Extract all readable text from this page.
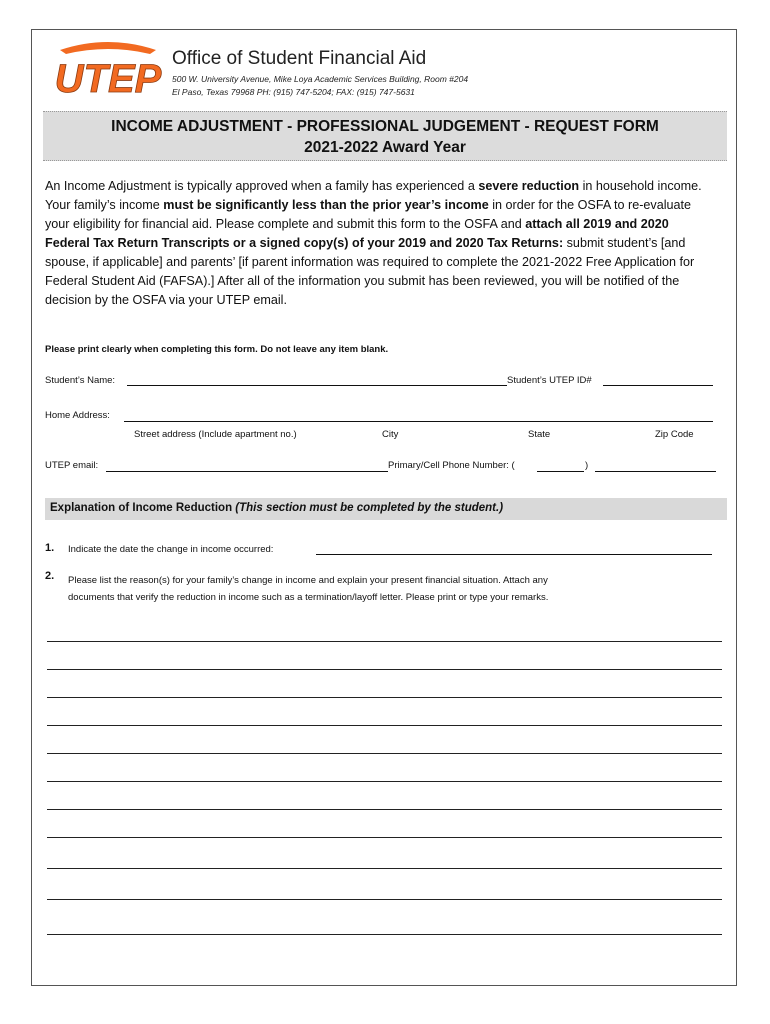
UTEP Office of Student Financial Aid
500 W. University Avenue, Mike Loya Academic Services Building, Room #204
El Paso, Texas 79968 PH: (915) 747-5204; FAX: (915) 747-5631
INCOME ADJUSTMENT - PROFESSIONAL JUDGEMENT - REQUEST FORM
2021-2022 Award Year
An Income Adjustment is typically approved when a family has experienced a severe reduction in household income. Your family’s income must be significantly less than the prior year’s income in order for the OSFA to re-evaluate your eligibility for financial aid. Please complete and submit this form to the OSFA and attach all 2019 and 2020 Federal Tax Return Transcripts or a signed copy(s) of your 2019 and 2020 Tax Returns: submit student’s [and spouse, if applicable] and parents’ [if parent information was required to complete the 2021-2022 Free Application for Federal Student Aid (FAFSA).] After all of the information you submit has been reviewed, you will be notified of the decision by the OSFA via your UTEP email.
Please print clearly when completing this form. Do not leave any item blank.
Student’s Name:	Student’s UTEP ID#
Home Address:
Street address (Include apartment no.)	City	State	Zip Code
UTEP email:	Primary/Cell Phone Number: (	)
Explanation of Income Reduction (This section must be completed by the student.)
1. Indicate the date the change in income occurred:
2. Please list the reason(s) for your family’s change in income and explain your present financial situation. Attach any
documents that verify the reduction in income such as a termination/layoff letter. Please print or type your remarks.
